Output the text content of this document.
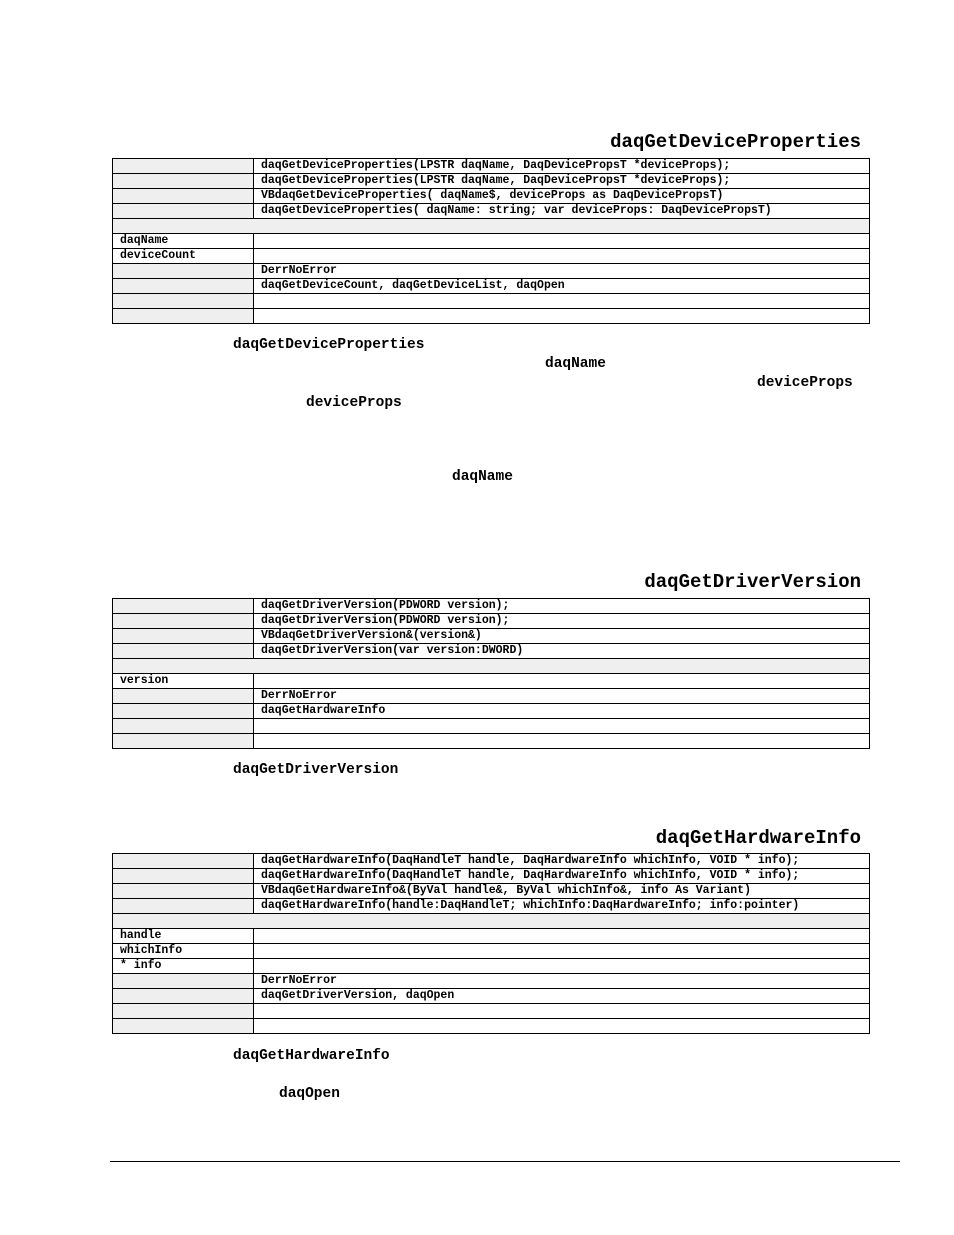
daqGetDeviceProperties
	daqGetDeviceProperties(LPSTR daqName, DaqDevicePropsT *deviceProps);
	daqGetDeviceProperties(LPSTR daqName, DaqDevicePropsT *deviceProps);
	VBdaqGetDeviceProperties( daqName$, deviceProps as DaqDevicePropsT)
	daqGetDeviceProperties( daqName: string; var deviceProps: DaqDevicePropsT)

daqName	
deviceCount	
	DerrNoError
	daqGetDeviceCount, daqGetDeviceList, daqOpen

daqGetDeviceProperties
daqName
deviceProps
deviceProps
daqName
daqGetDriverVersion
	daqGetDriverVersion(PDWORD version);
	daqGetDriverVersion(PDWORD version);
	VBdaqGetDriverVersion&(version&)
	daqGetDriverVersion(var version:DWORD)

version	
	DerrNoError
	daqGetHardwareInfo

daqGetDriverVersion
daqGetHardwareInfo
	daqGetHardwareInfo(DaqHandleT handle, DaqHardwareInfo whichInfo, VOID * info);
	daqGetHardwareInfo(DaqHandleT handle, DaqHardwareInfo whichInfo, VOID * info);
	VBdaqGetHardwareInfo&(ByVal handle&, ByVal whichInfo&, info As Variant)
	daqGetHardwareInfo(handle:DaqHandleT; whichInfo:DaqHardwareInfo; info:pointer)

handle	
whichInfo	
* info	
	DerrNoError
	daqGetDriverVersion, daqOpen

daqGetHardwareInfo
daqOpen
